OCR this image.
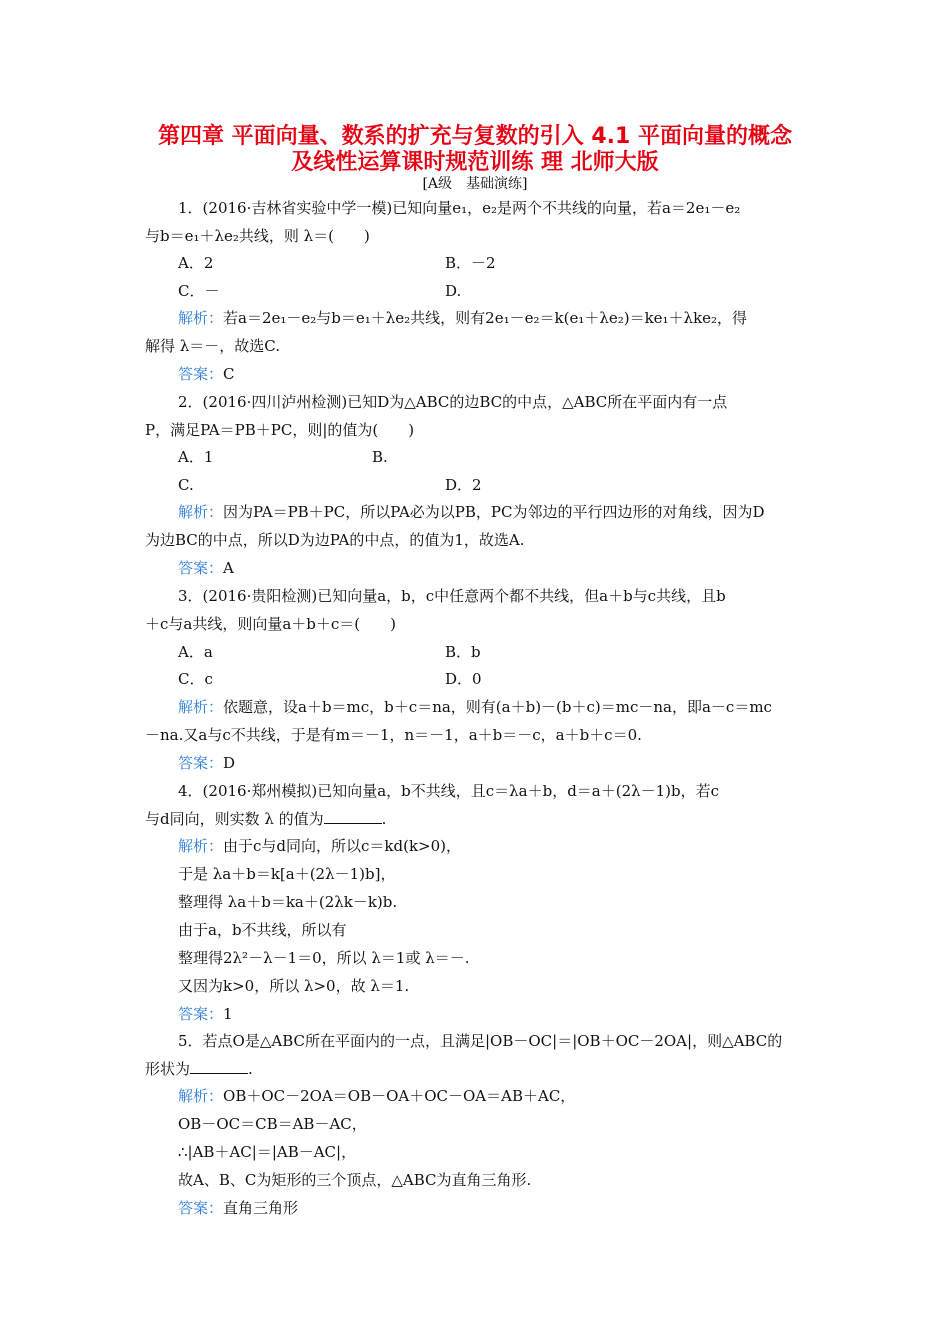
第四章 平面向量、数系的扩充与复数的引入 4.1 平面向量的概念
及线性运算课时规范训练 理 北师大版
[A级　基础演练]
1．(2016·吉林省实验中学一模)已知向量e₁，e₂是两个不共线的向量，若a＝2e₁－e₂
与b＝e₁＋λe₂共线，则 λ＝(　　)
A．2	B．－2
C．－	D.
解析：若a＝2e₁－e₂与b＝e₁＋λe₂共线，则有2e₁－e₂＝k(e₁＋λe₂)＝ke₁＋λke₂，得
解得 λ＝－，故选C.
答案：C
2．(2016·四川泸州检测)已知D为△ABC的边BC的中点，△ABC所在平面内有一点
P，满足PA＝PB＋PC，则|的值为(　　)
A．1	B.
C.	D．2
解析：因为PA＝PB＋PC，所以PA必为以PB，PC为邻边的平行四边形的对角线，因为D
为边BC的中点，所以D为边PA的中点，的值为1，故选A.
答案：A
3．(2016·贵阳检测)已知向量a，b，c中任意两个都不共线，但a＋b与c共线，且b
＋c与a共线，则向量a＋b＋c＝(　　)
A．a	B．b
C．c	D．0
解析：依题意，设a＋b＝mc，b＋c＝na，则有(a＋b)－(b＋c)＝mc－na，即a－c＝mc
－na.又a与c不共线，于是有m＝－1，n＝－1，a＋b＝－c，a＋b＋c＝0.
答案：D
4．(2016·郑州模拟)已知向量a，b不共线，且c＝λa＋b，d＝a＋(2λ－1)b，若c
与d同向，则实数 λ 的值为	.
解析：由于c与d同向，所以c＝kd(k>0)，
于是 λa＋b＝k[a＋(2λ－1)b]，
整理得 λa＋b＝ka＋(2λk－k)b.
由于a，b不共线，所以有
整理得2λ²－λ－1＝0，所以 λ＝1或 λ＝－.
又因为k>0，所以 λ>0，故 λ＝1.
答案：1
5．若点O是△ABC所在平面内的一点，且满足|OB－OC|＝|OB＋OC－2OA|，则△ABC的
形状为	.
解析：OB＋OC－2OA＝OB－OA＋OC－OA＝AB＋AC，
OB－OC＝CB＝AB－AC，
∴|AB＋AC|＝|AB－AC|，
故A、B、C为矩形的三个顶点，△ABC为直角三角形.
答案：直角三角形
